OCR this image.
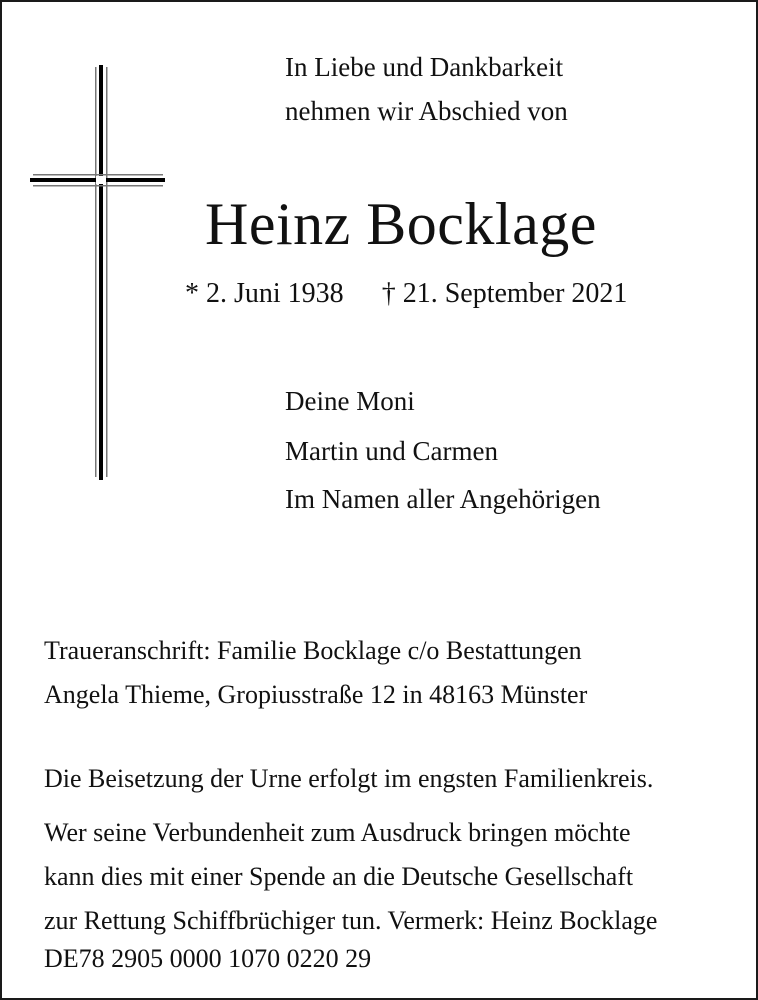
In Liebe und Dankbarkeit
nehmen wir Abschied von
Heinz Bocklage
* 2. Juni 1938 † 21. September 2021
Deine Moni
Martin und Carmen
Im Namen aller Angehörigen
Traueranschrift: Familie Bocklage c/o Bestattungen
Angela Thieme, Gropiusstraße 12 in 48163 Münster
Die Beisetzung der Urne erfolgt im engsten Familienkreis.
Wer seine Verbundenheit zum Ausdruck bringen möchte
kann dies mit einer Spende an die Deutsche Gesellschaft
zur Rettung Schiffbrüchiger tun. Vermerk: Heinz Bocklage
DE78 2905 0000 1070 0220 29
